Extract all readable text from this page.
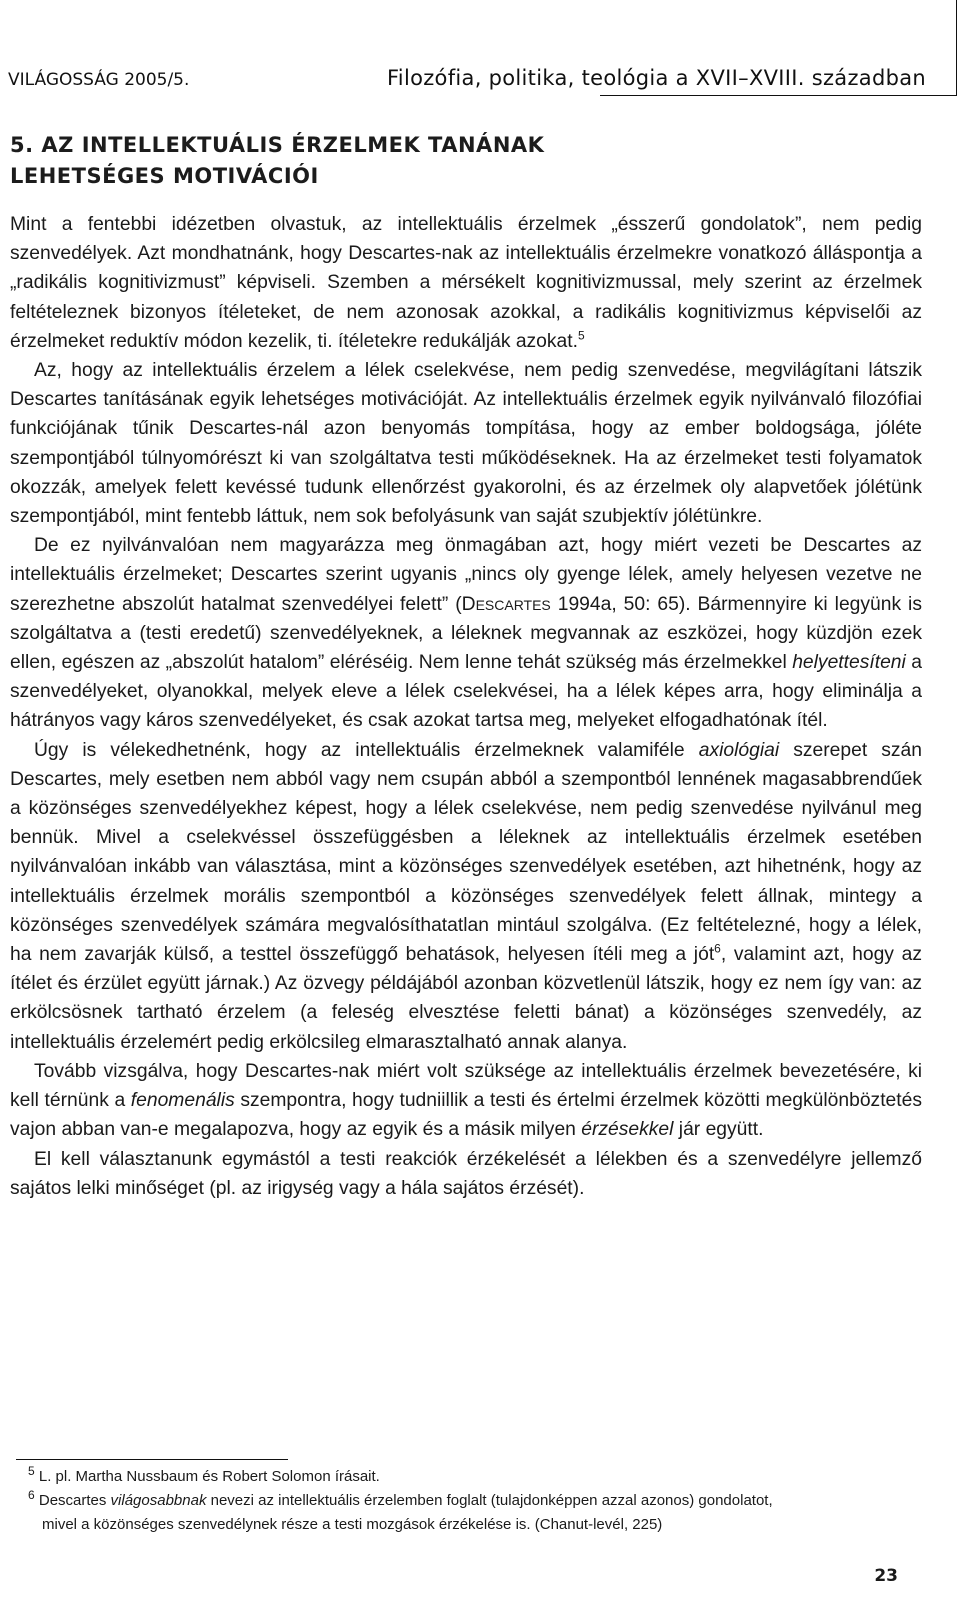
VILÁGOSSÁG 2005/5.	Filozófia, politika, teológia a XVII–XVIII. században
5. AZ INTELLEKTUÁLIS ÉRZELMEK TANÁNAK
LEHETSÉGES MOTIVÁCIÓI

Mint a fentebbi idézetben olvastuk, az intellektuális érzelmek „ésszerű gondolatok”, nem pedig szenvedélyek. Azt mondhatnánk, hogy Descartes-nak az intellektuális érzelmekre vonatkozó álláspontja a „radikális kognitivizmust” képviseli. Szemben a mérsékelt kognitivizmussal, mely szerint az érzelmek feltételeznek bizonyos ítéleteket, de nem azonosak azokkal, a radikális kognitivizmus képviselői az érzelmeket reduktív módon kezelik, ti. ítéletekre redukálják azokat.$^5$

Az, hogy az intellektuális érzelem a lélek cselekvése, nem pedig szenvedése, megvilágítani látszik Descartes tanításának egyik lehetséges motivációját. Az intellektuális érzelmek egyik nyilvánvaló filozófiai funkciójának tűnik Descartes-nál azon benyomás tompítása, hogy az ember boldogsága, jóléte szempontjából túlnyomórészt ki van szolgáltatva testi működéseknek. Ha az érzelmeket testi folyamatok okozzák, amelyek felett kevéssé tudunk ellenőrzést gyakorolni, és az érzelmek oly alapvetőek jólétünk szempontjából, mint fentebb láttuk, nem sok befolyásunk van saját szubjektív jólétünkre.

De ez nyilvánvalóan nem magyarázza meg önmagában azt, hogy miért vezeti be Descartes az intellektuális érzelmeket; Descartes szerint ugyanis „nincs oly gyenge lélek, amely helyesen vezetve ne szerezhetne abszolút hatalmat szenvedélyei felett” (Descartes 1994a, 50: 65). Bármennyire ki legyünk is szolgáltatva a (testi eredetű) szenvedélyeknek, a léleknek megvannak az eszközei, hogy küzdjön ezek ellen, egészen az „abszolút hatalom” eléréséig. Nem lenne tehát szükség más érzelmekkel helyettesíteni a szenvedélyeket, olyanokkal, melyek eleve a lélek cselekvései, ha a lélek képes arra, hogy eliminálja a hátrányos vagy káros szenvedélyeket, és csak azokat tartsa meg, melyeket elfogadhatónak ítél.

Úgy is vélekedhetnénk, hogy az intellektuális érzelmeknek valamiféle axiológiai szerepet szán Descartes, mely esetben nem abból vagy nem csupán abból a szempontból lennének magasabbrendűek a közönséges szenvedélyekhez képest, hogy a lélek cselekvése, nem pedig szenvedése nyilvánul meg bennük. Mivel a cselekvéssel összefüggésben a léleknek az intellektuális érzelmek esetében nyilvánvalóan inkább van választása, mint a közönséges szenvedélyek esetében, azt hihetnénk, hogy az intellektuális érzelmek morális szempontból a közönséges szenvedélyek felett állnak, mintegy a közönséges szenvedélyek számára megvalósíthatatlan mintául szolgálva. (Ez feltételezné, hogy a lélek, ha nem zavarják külső, a testtel összefüggő behatások, helyesen ítéli meg a jót$^6$, valamint azt, hogy az ítélet és érzület együtt járnak.) Az özvegy példájából azonban közvetlenül látszik, hogy ez nem így van: az erkölcsösnek tartható érzelem (a feleség elvesztése feletti bánat) a közönséges szenvedély, az intellektuális érzelemért pedig erkölcsileg elmarasztalható annak alanya.

Tovább vizsgálva, hogy Descartes-nak miért volt szüksége az intellektuális érzelmek bevezetésére, ki kell térnünk a fenomenális szempontra, hogy tudniillik a testi és értelmi érzelmek közötti megkülönböztetés vajon abban van-e megalapozva, hogy az egyik és a másik milyen érzésekkel jár együtt.

El kell választanunk egymástól a testi reakciók érzékelését a lélekben és a szenvedélyre jellemző sajátos lelki minőséget (pl. az irigység vagy a hála sajátos érzését).

$^5$ L. pl. Martha Nussbaum és Robert Solomon írásait.

$^6$ Descartes világosabbnak nevezi az intellektuális érzelemben foglalt (tulajdonképpen azzal azonos) gondolatot,
mivel a közönséges szenvedélynek része a testi mozgások érzékelése is. (Chanut-levél, 225)

23
